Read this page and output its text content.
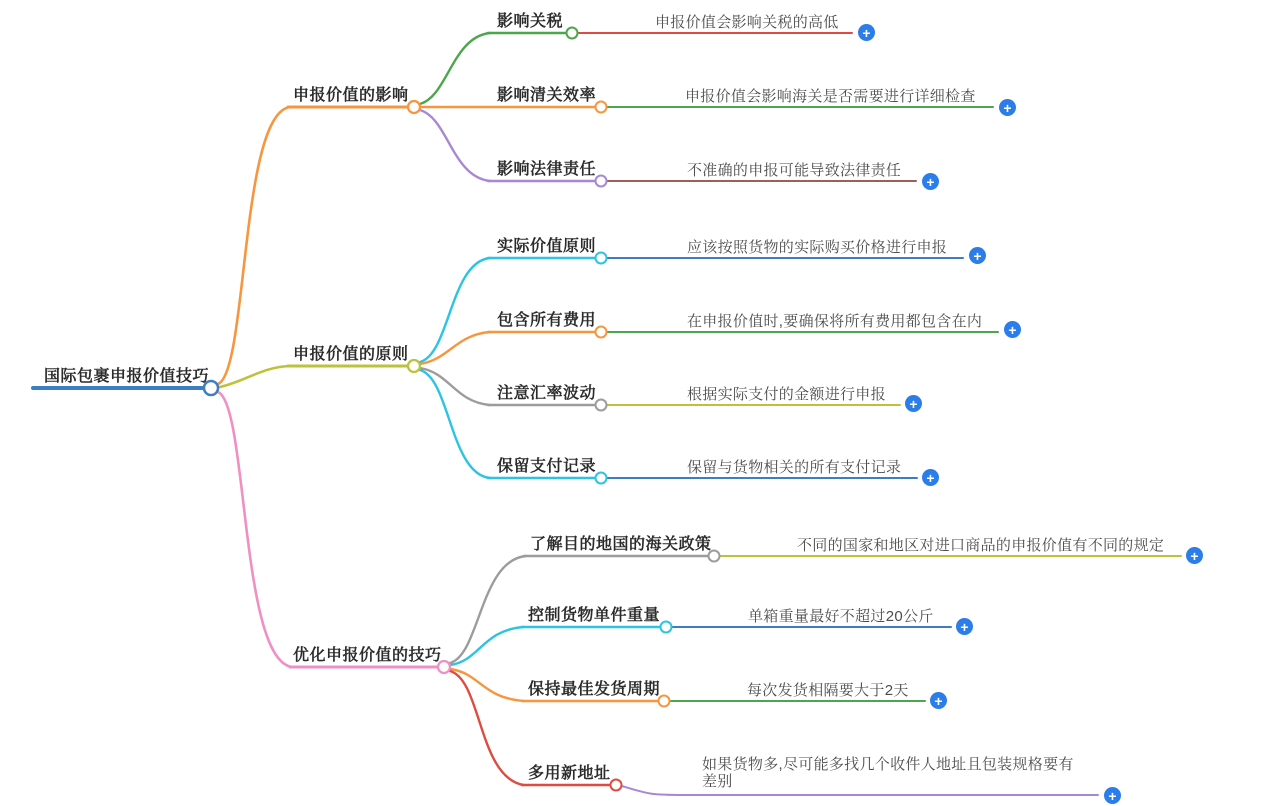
国际包裹申报价值技巧
申报价值的影响
申报价值的原则
优化申报价值的技巧
影响关税
影响清关效率
影响法律责任
申报价值会影响关税的高低
申报价值会影响海关是否需要进行详细检查
不准确的申报可能导致法律责任
实际价值原则
包含所有费用
注意汇率波动
保留支付记录
应该按照货物的实际购买价格进行申报
在申报价值时,要确保将所有费用都包含在内
根据实际支付的金额进行申报
保留与货物相关的所有支付记录
了解目的地国的海关政策
控制货物单件重量
保持最佳发货周期
多用新地址
不同的国家和地区对进口商品的申报价值有不同的规定
单箱重量最好不超过20公斤
每次发货相隔要大于2天
如果货物多,尽可能多找几个收件人地址且包装规格要有差别
+
+
+
+
+
+
+
+
+
+
+
